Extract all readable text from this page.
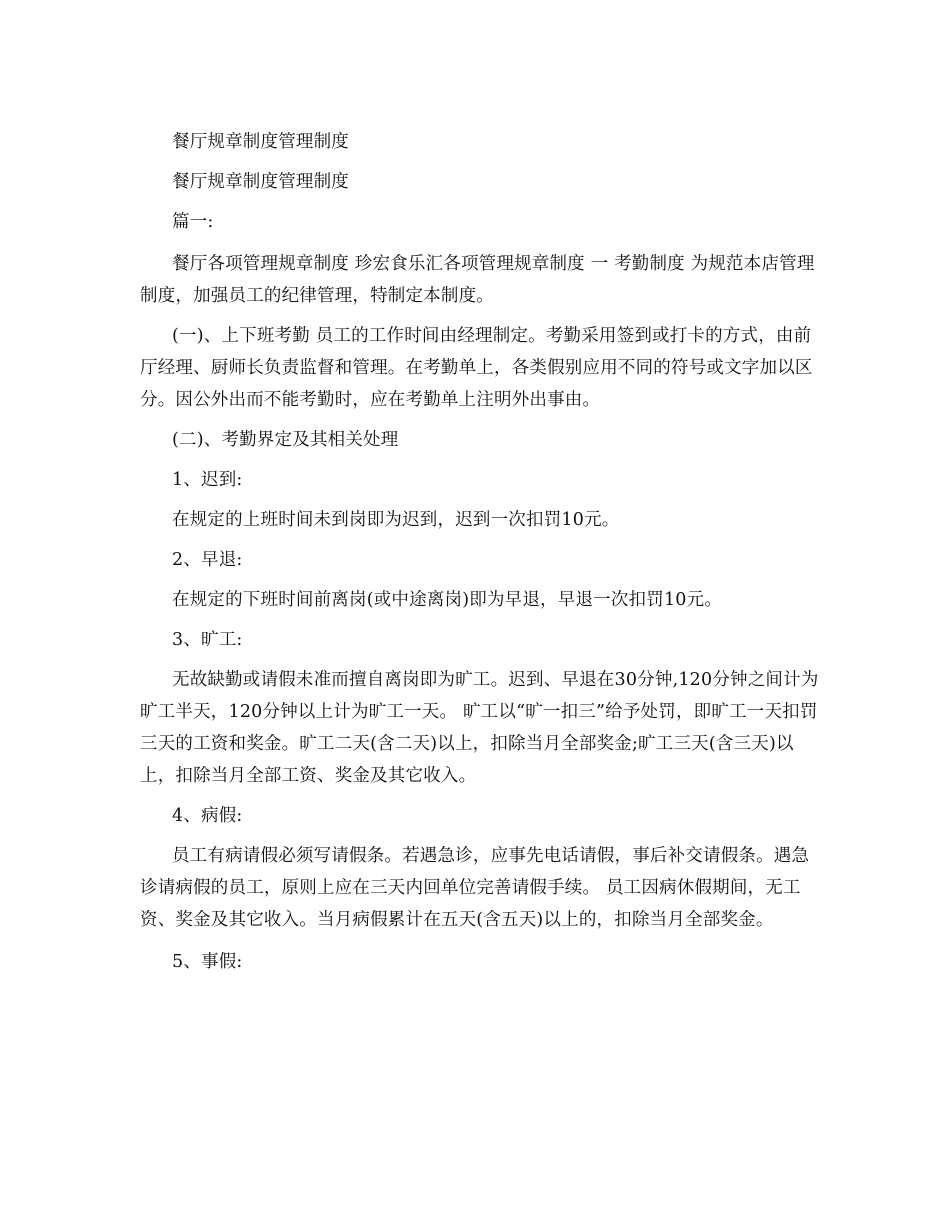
餐厅规章制度管理制度

餐厅规章制度管理制度

篇一:

餐厅各项管理规章制度 珍宏食乐汇各项管理规章制度 一 考勤制度 为规范本店管理制度，加强员工的纪律管理，特制定本制度。

(一)、上下班考勤 员工的工作时间由经理制定。考勤采用签到或打卡的方式，由前厅经理、厨师长负责监督和管理。在考勤单上，各类假别应用不同的符号或文字加以区分。因公外出而不能考勤时，应在考勤单上注明外出事由。

(二)、考勤界定及其相关处理

1、迟到:

在规定的上班时间未到岗即为迟到，迟到一次扣罚10元。

2、早退:

在规定的下班时间前离岗(或中途离岗)即为早退，早退一次扣罚10元。

3、旷工:

无故缺勤或请假未准而擅自离岗即为旷工。迟到、早退在30分钟,120分钟之间计为旷工半天，120分钟以上计为旷工一天。 旷工以“旷一扣三”给予处罚，即旷工一天扣罚三天的工资和奖金。旷工二天(含二天)以上，扣除当月全部奖金;旷工三天(含三天)以上，扣除当月全部工资、奖金及其它收入。

4、病假:

员工有病请假必须写请假条。若遇急诊，应事先电话请假，事后补交请假条。遇急诊请病假的员工，原则上应在三天内回单位完善请假手续。 员工因病休假期间，无工资、奖金及其它收入。当月病假累计在五天(含五天)以上的，扣除当月全部奖金。

5、事假:
